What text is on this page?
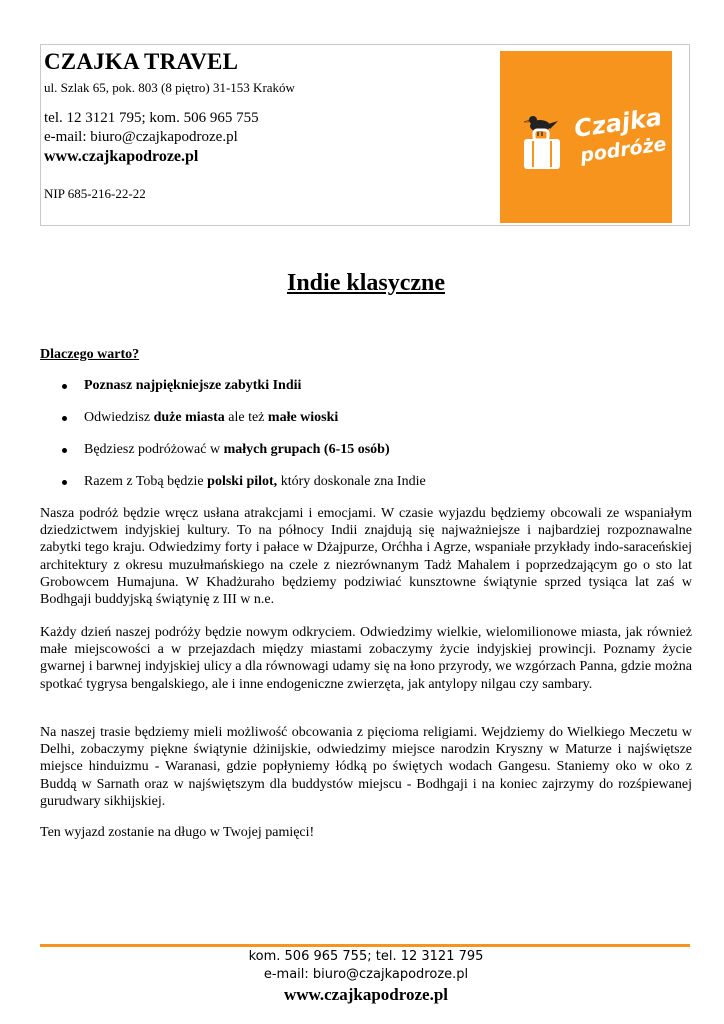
CZAJKA TRAVEL
ul. Szlak 65, pok. 803 (8 piętro) 31-153 Kraków
tel. 12 3121 795; kom. 506 965 755
e-mail: biuro@czajkapodroze.pl
www.czajkapodroze.pl
NIP 685-216-22-22
Czajka
podróże
Indie klasyczne
Dlaczego warto?
Poznasz najpiękniejsze zabytki Indii
Odwiedzisz duże miasta ale też małe wioski
Będziesz podróżować w małych grupach (6-15 osób)
Razem z Tobą będzie polski pilot, który doskonale zna Indie

Nasza podróż będzie wręcz usłana atrakcjami i emocjami. W czasie wyjazdu będziemy obcowali ze wspaniałym dziedzictwem indyjskiej kultury. To na północy Indii znajdują się najważniejsze i najbardziej rozpoznawalne zabytki tego kraju. Odwiedzimy forty i pałace w Dżajpurze, Orćhha i Agrze, wspaniałe przykłady indo-saraceńskiej architektury z okresu muzułmańskiego na czele z niezrównanym Tadż Mahalem i poprzedzającym go o sto lat Grobowcem Humajuna. W Khadżuraho będziemy podziwiać kunsztowne świątynie sprzed tysiąca lat zaś w Bodhgaji buddyjską świątynię z III w n.e.

Każdy dzień naszej podróży będzie nowym odkryciem. Odwiedzimy wielkie, wielomilionowe miasta, jak również małe miejscowości a w przejazdach między miastami zobaczymy życie indyjskiej prowincji. Poznamy życie gwarnej i barwnej indyjskiej ulicy a dla równowagi udamy się na łono przyrody, we wzgórzach Panna, gdzie można spotkać tygrysa bengalskiego, ale i inne endogeniczne zwierzęta, jak antylopy nilgau czy sambary.

Na naszej trasie będziemy mieli możliwość obcowania z pięcioma religiami. Wejdziemy do Wielkiego Meczetu w Delhi, zobaczymy piękne świątynie dżinijskie, odwiedzimy miejsce narodzin Kryszny w Maturze i najświętsze miejsce hinduizmu - Waranasi, gdzie popłyniemy łódką po świętych wodach Gangesu. Staniemy oko w oko z Buddą w Sarnath oraz w najświętszym dla buddystów miejscu - Bodhgaji i na koniec zajrzymy do rozśpiewanej gurudwary sikhijskiej.

Ten wyjazd zostanie na długo w Twojej pamięci!
kom. 506 965 755; tel. 12 3121 795
e-mail: biuro@czajkapodroze.pl
www.czajkapodroze.pl
